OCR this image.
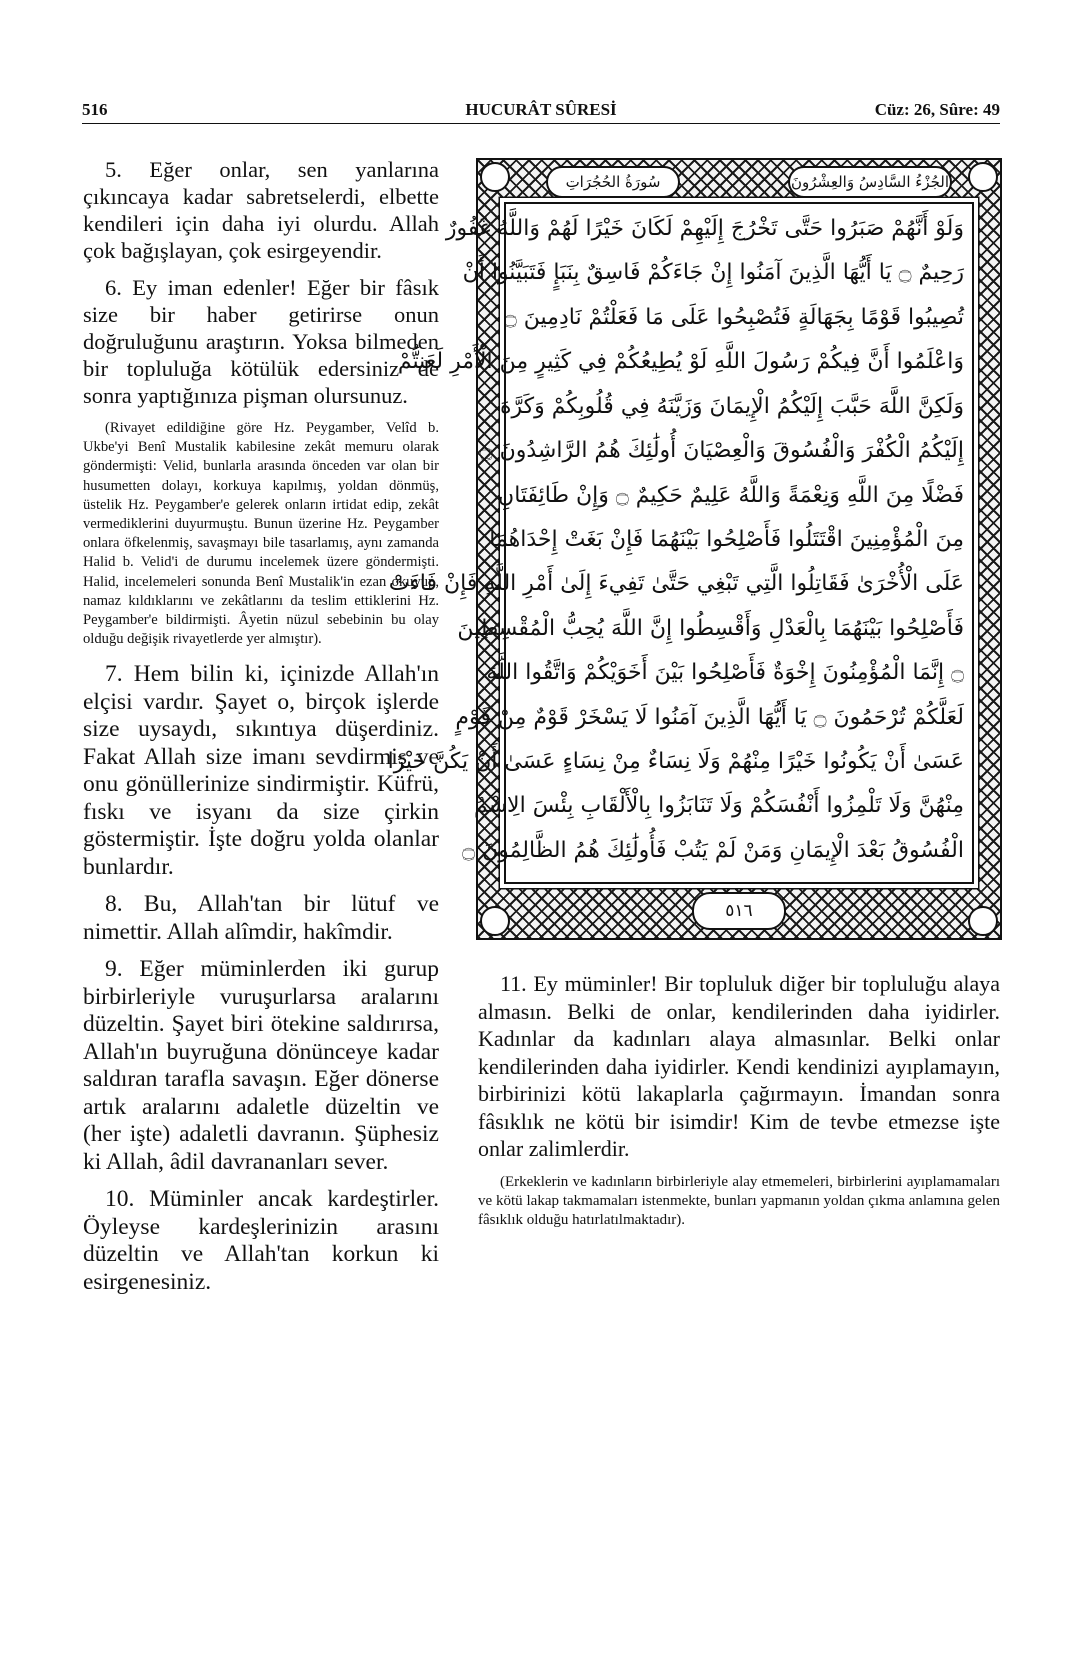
516	HUCURÂT SÛRESİ	Cüz: 26, Sûre: 49

5. Eğer onlar, sen yanlarına çıkıncaya kadar sabretselerdi, elbette kendileri için daha iyi olurdu. Allah çok bağışlayan, çok esirgeyendir.

6. Ey iman edenler! Eğer bir fâsık size bir haber getirirse onun doğruluğunu araştırın. Yoksa bilmeden bir topluluğa kötülük edersiniz de sonra yaptığınıza pişman olursunuz.

(Rivayet edildiğine göre Hz. Peygamber, Velîd b. Ukbe'yi Benî Mustalik kabilesine zekât memuru olarak göndermişti: Velid, bunlarla arasında önceden var olan bir husumetten dolayı, korkuya kapılmış, yoldan dönmüş, üstelik Hz. Peygamber'e gelerek onların irtidat edip, zekât vermediklerini duyurmuştu. Bunun üzerine Hz. Peygamber onlara öfkelenmiş, savaşmayı bile tasarlamış, aynı zamanda Halid b. Velid'i de durumu incelemek üzere göndermişti. Halid, incelemeleri sonunda Benî Mustalik'in ezan okuyup, namaz kıldıklarını ve zekâtlarını da teslim ettiklerini Hz. Peygamber'e bildirmişti. Âyetin nüzul sebebinin bu olay olduğu değişik rivayetlerde yer almıştır).

7. Hem bilin ki, içinizde Allah'ın elçisi vardır. Şayet o, birçok işlerde size uysaydı, sıkıntıya düşerdiniz. Fakat Allah size imanı sevdirmiş ve onu gönüllerinize sindirmiştir. Küfrü, fıskı ve isyanı da size çirkin göstermiştir. İşte doğru yolda olanlar bunlardır.

8. Bu, Allah'tan bir lütuf ve nimettir. Allah alîmdir, hakîmdir.

9. Eğer müminlerden iki gurup birbirleriyle vuruşurlarsa aralarını düzeltin. Şayet biri ötekine saldırırsa, Allah'ın buyruğuna dönünceye kadar saldıran tarafla savaşın. Eğer dönerse artık aralarını adaletle düzeltin ve (her işte) adaletli davranın. Şüphesiz ki Allah, âdil davrananları sever.

10. Müminler ancak kardeştirler. Öyleyse kardeşlerinizin arasını düzeltin ve Allah'tan korkun ki esirgenesiniz.

سُورَةُ الحُجُرَاتِ	الجُزْءُ السَّادِسُ وَالعِشْرُونَ
وَلَوْ أَنَّهُمْ صَبَرُوا حَتَّى تَخْرُجَ إِلَيْهِمْ لَكَانَ خَيْرًا لَهُمْ وَاللَّهُ غَفُورٌ
رَحِيمٌ ۝ يَا أَيُّهَا الَّذِينَ آمَنُوا إِنْ جَاءَكُمْ فَاسِقٌ بِنَبَإٍ فَتَبَيَّنُوا أَنْ
تُصِيبُوا قَوْمًا بِجَهَالَةٍ فَتُصْبِحُوا عَلَى مَا فَعَلْتُمْ نَادِمِينَ ۝
وَاعْلَمُوا أَنَّ فِيكُمْ رَسُولَ اللَّهِ لَوْ يُطِيعُكُمْ فِي كَثِيرٍ مِنَ الْأَمْرِ لَعَنِتُّمْ
وَلَكِنَّ اللَّهَ حَبَّبَ إِلَيْكُمُ الْإِيمَانَ وَزَيَّنَهُ فِي قُلُوبِكُمْ وَكَرَّهَ
إِلَيْكُمُ الْكُفْرَ وَالْفُسُوقَ وَالْعِصْيَانَ أُولَٰئِكَ هُمُ الرَّاشِدُونَ ۝
فَضْلًا مِنَ اللَّهِ وَنِعْمَةً وَاللَّهُ عَلِيمٌ حَكِيمٌ ۝ وَإِنْ طَائِفَتَانِ
مِنَ الْمُؤْمِنِينَ اقْتَتَلُوا فَأَصْلِحُوا بَيْنَهُمَا فَإِنْ بَغَتْ إِحْدَاهُمَا
عَلَى الْأُخْرَىٰ فَقَاتِلُوا الَّتِي تَبْغِي حَتَّىٰ تَفِيءَ إِلَىٰ أَمْرِ اللَّهِ فَإِنْ فَاءَتْ
فَأَصْلِحُوا بَيْنَهُمَا بِالْعَدْلِ وَأَقْسِطُوا إِنَّ اللَّهَ يُحِبُّ الْمُقْسِطِينَ
۝ إِنَّمَا الْمُؤْمِنُونَ إِخْوَةٌ فَأَصْلِحُوا بَيْنَ أَخَوَيْكُمْ وَاتَّقُوا اللَّهَ
لَعَلَّكُمْ تُرْحَمُونَ ۝ يَا أَيُّهَا الَّذِينَ آمَنُوا لَا يَسْخَرْ قَوْمٌ مِنْ قَوْمٍ
عَسَىٰ أَنْ يَكُونُوا خَيْرًا مِنْهُمْ وَلَا نِسَاءٌ مِنْ نِسَاءٍ عَسَىٰ أَنْ يَكُنَّ خَيْرًا
مِنْهُنَّ وَلَا تَلْمِزُوا أَنْفُسَكُمْ وَلَا تَنَابَزُوا بِالْأَلْقَابِ بِئْسَ الِاسْمُ
الْفُسُوقُ بَعْدَ الْإِيمَانِ وَمَنْ لَمْ يَتُبْ فَأُولَٰئِكَ هُمُ الظَّالِمُونَ ۝
٥١٦

11. Ey müminler! Bir topluluk diğer bir topluluğu alaya almasın. Belki de onlar, kendilerinden daha iyidirler. Kadınlar da kadınları alaya almasınlar. Belki onlar kendilerinden daha iyidirler. Kendi kendinizi ayıplamayın, birbirinizi kötü lakaplarla çağırmayın. İmandan sonra fâsıklık ne kötü bir isimdir! Kim de tevbe etmezse işte onlar zalimlerdir.

(Erkeklerin ve kadınların birbirleriyle alay etmemeleri, birbirlerini ayıplamamaları ve kötü lakap takmamaları istenmekte, bunları yapmanın yoldan çıkma anlamına gelen fâsıklık olduğu hatırlatılmaktadır).
